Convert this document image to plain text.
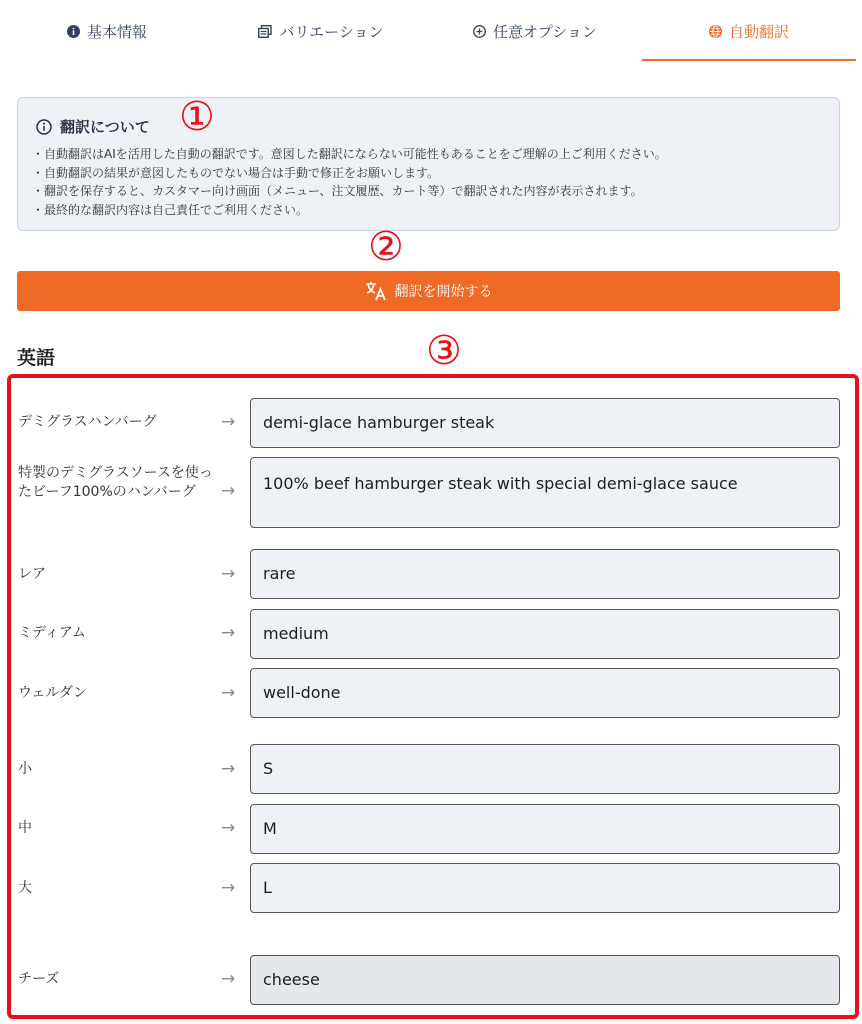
基本情報	バリエーション	任意オプション	自動翻訳
翻訳について
・ 自動翻訳はAIを活用した自動の翻訳です。意図した翻訳にならない可能性もあることをご理解の上ご利用ください。
・ 自動翻訳の結果が意図したものでない場合は手動で修正をお願いします。
・ 翻訳を保存すると、カスタマー向け画面（メニュー、注文履歴、カート等）で翻訳された内容が表示されます。
・ 最終的な翻訳内容は自己責任でご利用ください。
①
②
③
翻訳を開始する
英語
デミグラスハンバーグ	→	demi-glace hamburger steak
特製のデミグラスソースを使ったビーフ100%のハンバーグ	→	100% beef hamburger steak with special demi-glace sauce
レア	→	rare
ミディアム	→	medium
ウェルダン	→	well-done
小	→	S
中	→	M
大	→	L
チーズ	→	cheese
